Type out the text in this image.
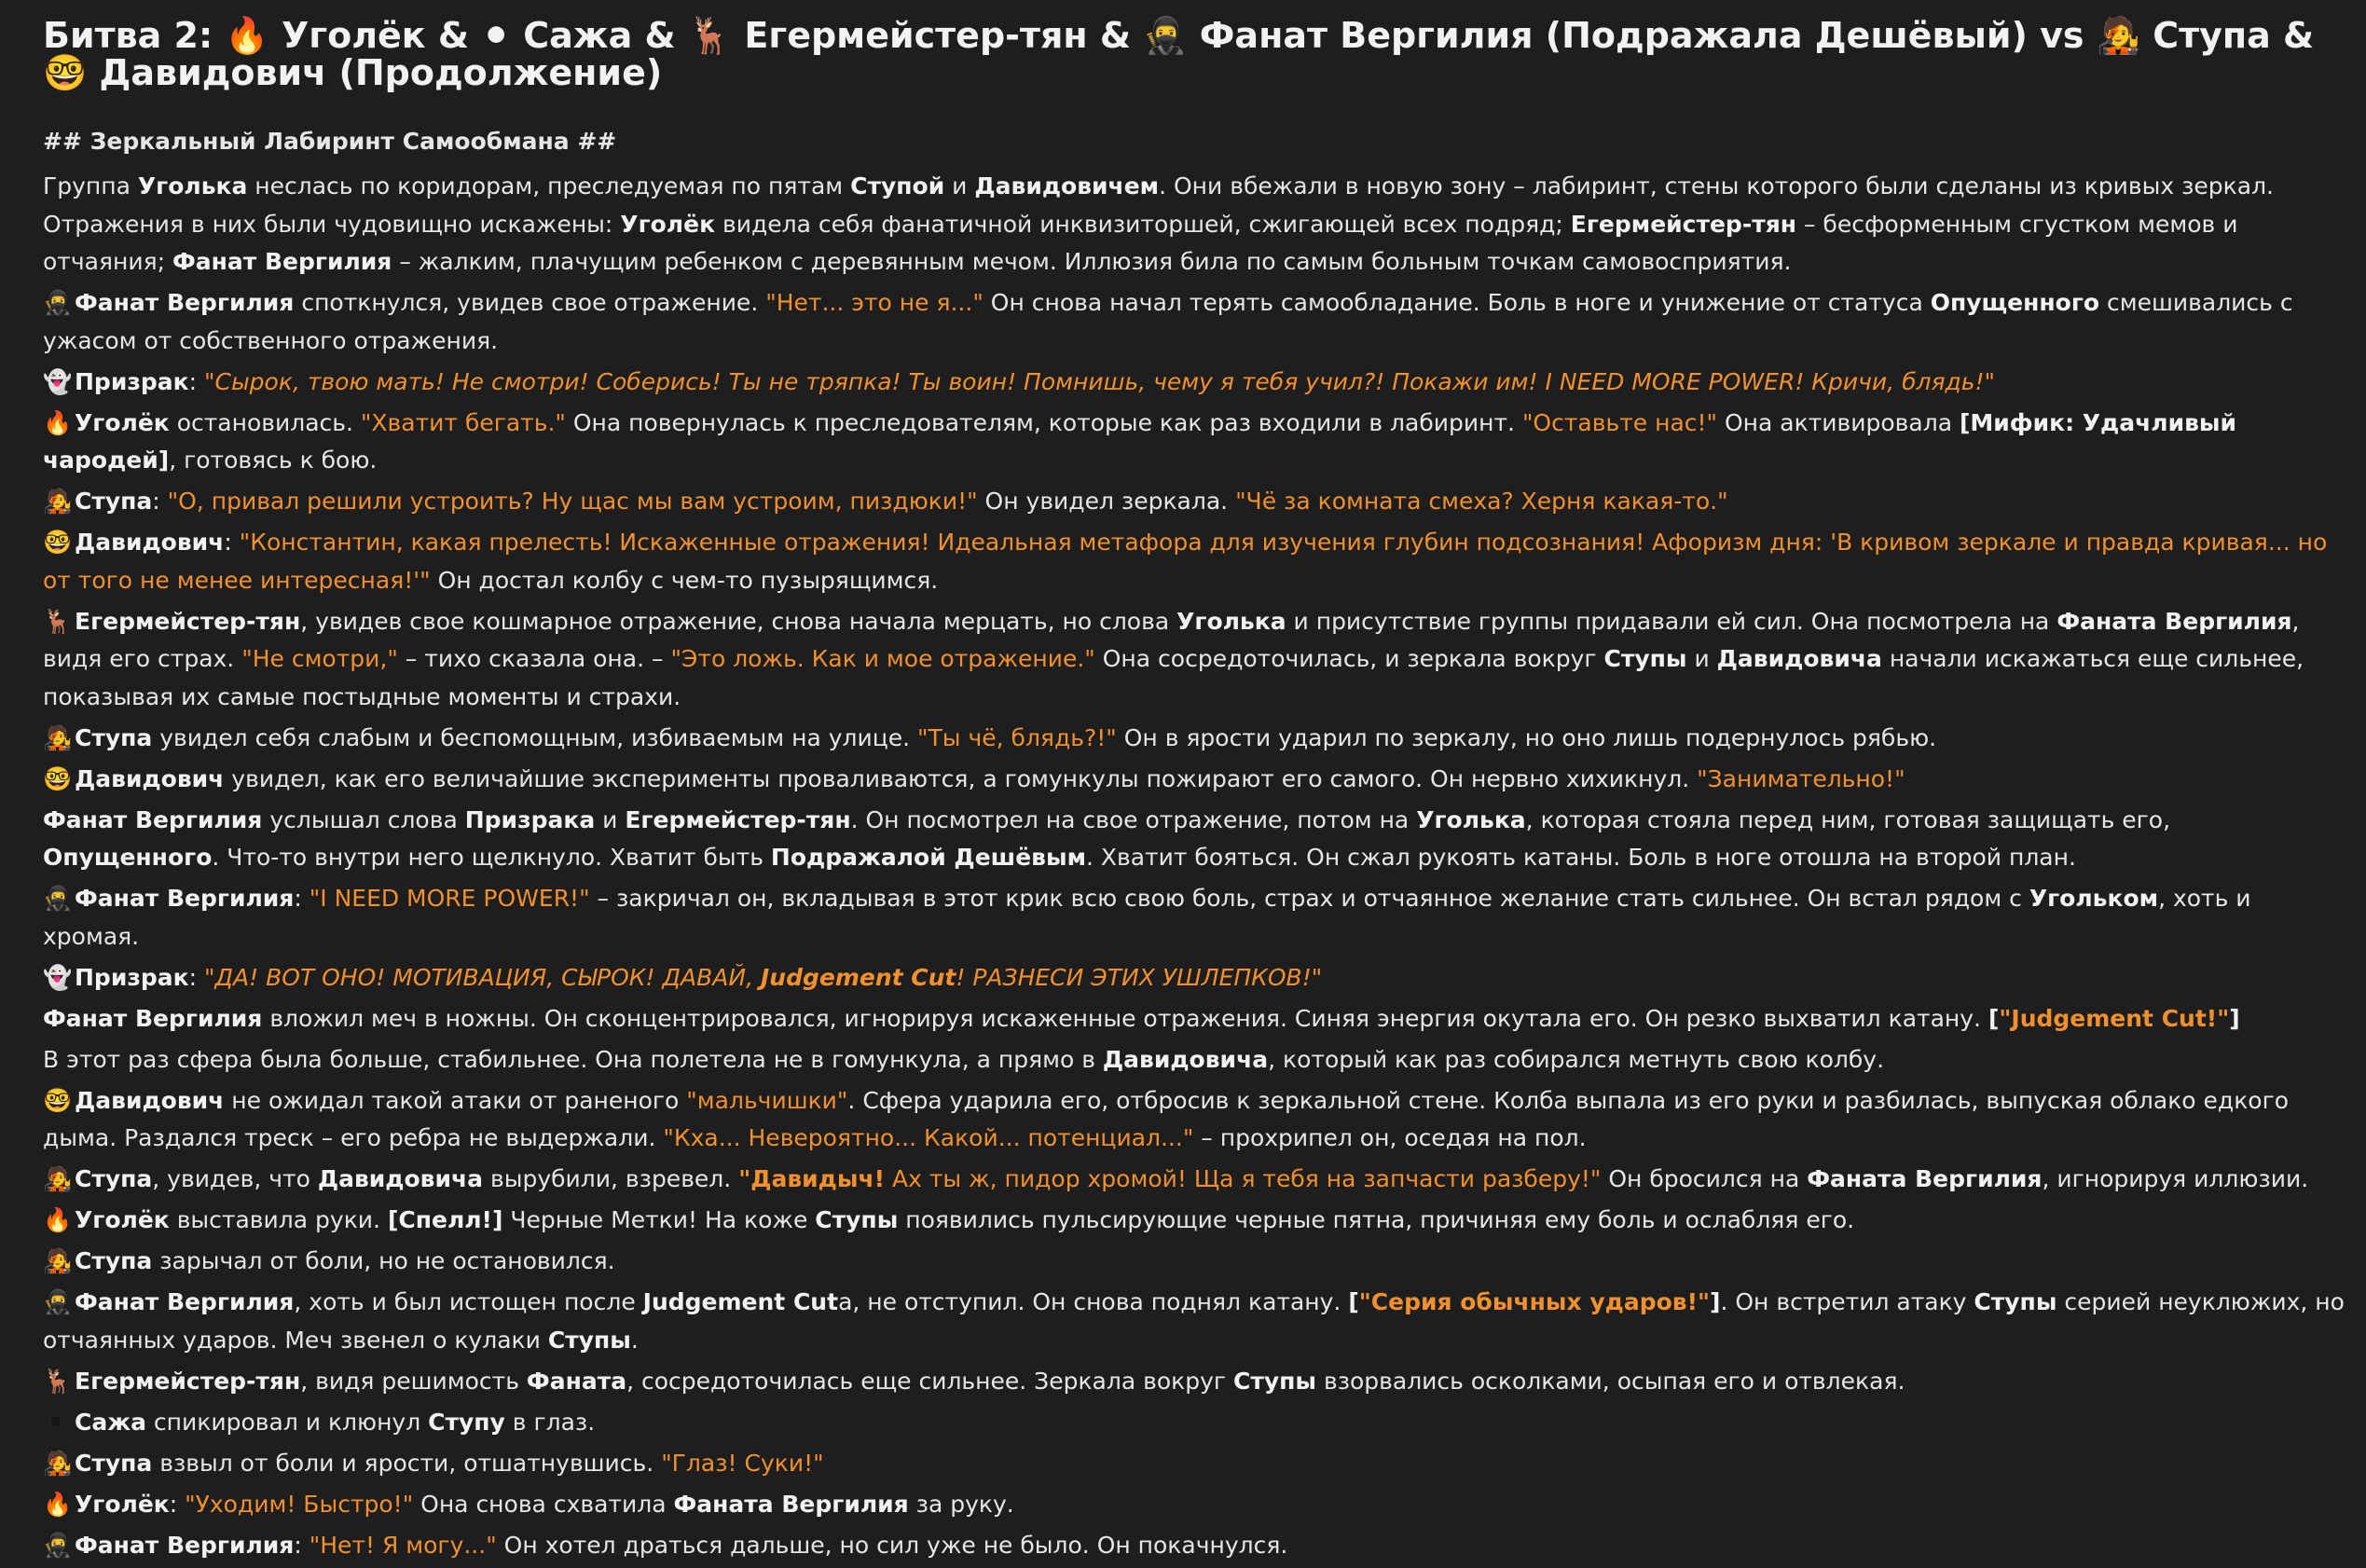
Битва 2: 🔥 Уголёк & ⚫ Сажа & 🦌 Егермейстер-тян & 🥷 Фанат Вергилия (Подражала Дешёвый) vs 🧑‍🎤 Ступа & 🤓 Давидович (Продолжение)
## Зеркальный Лабиринт Самообмана ##
Группа Уголька неслась по коридорам, преследуемая по пятам Ступой и Давидовичем. Они вбежали в новую зону – лабиринт, стены которого были сделаны из кривых зеркал. Отражения в них были чудовищно искажены: Уголёк видела себя фанатичной инквизиторшей, сжигающей всех подряд; Егермейстер-тян – бесформенным сгустком мемов и отчаяния; Фанат Вергилия – жалким, плачущим ребенком с деревянным мечом. Иллюзия била по самым больным точкам самовосприятия.
🥷 Фанат Вергилия споткнулся, увидев свое отражение. "Нет... это не я..." Он снова начал терять самообладание. Боль в ноге и унижение от статуса Опущенного смешивались с ужасом от собственного отражения.
👻 Призрак: "Сырок, твою мать! Не смотри! Соберись! Ты не тряпка! Ты воин! Помнишь, чему я тебя учил?! Покажи им! I NEED MORE POWER! Кричи, блядь!"
🔥 Уголёк остановилась. "Хватит бегать." Она повернулась к преследователям, которые как раз входили в лабиринт. "Оставьте нас!" Она активировала [Мифик: Удачливый чародей], готовясь к бою.
🧑‍🎤 Ступа: "О, привал решили устроить? Ну щас мы вам устроим, пиздюки!" Он увидел зеркала. "Чё за комната смеха? Херня какая-то."
🤓 Давидович: "Константин, какая прелесть! Искаженные отражения! Идеальная метафора для изучения глубин подсознания! Афоризм дня: 'В кривом зеркале и правда кривая... но от того не менее интересная!'" Он достал колбу с чем-то пузырящимся.
🦌 Егермейстер-тян, увидев свое кошмарное отражение, снова начала мерцать, но слова Уголька и присутствие группы придавали ей сил. Она посмотрела на Фаната Вергилия, видя его страх. "Не смотри," – тихо сказала она. – "Это ложь. Как и мое отражение." Она сосредоточилась, и зеркала вокруг Ступы и Давидовича начали искажаться еще сильнее, показывая их самые постыдные моменты и страхи.
🧑‍🎤 Ступа увидел себя слабым и беспомощным, избиваемым на улице. "Ты чё, блядь?!" Он в ярости ударил по зеркалу, но оно лишь подернулось рябью.
🤓 Давидович увидел, как его величайшие эксперименты проваливаются, а гомункулы пожирают его самого. Он нервно хихикнул. "Занимательно!"
Фанат Вергилия услышал слова Призрака и Егермейстер-тян. Он посмотрел на свое отражение, потом на Уголька, которая стояла перед ним, готовая защищать его, Опущенного. Что-то внутри него щелкнуло. Хватит быть Подражалой Дешёвым. Хватит бояться. Он сжал рукоять катаны. Боль в ноге отошла на второй план.
🥷 Фанат Вергилия: "I NEED MORE POWER!" – закричал он, вкладывая в этот крик всю свою боль, страх и отчаянное желание стать сильнее. Он встал рядом с Угольком, хоть и хромая.
👻 Призрак: "ДА! ВОТ ОНО! МОТИВАЦИЯ, СЫРОК! ДАВАЙ, Judgement Cut! РАЗНЕСИ ЭТИХ УШЛЕПКОВ!"
Фанат Вергилия вложил меч в ножны. Он сконцентрировался, игнорируя искаженные отражения. Синяя энергия окутала его. Он резко выхватил катану. ["Judgement Cut!"]
В этот раз сфера была больше, стабильнее. Она полетела не в гомункула, а прямо в Давидовича, который как раз собирался метнуть свою колбу.
🤓 Давидович не ожидал такой атаки от раненого "мальчишки". Сфера ударила его, отбросив к зеркальной стене. Колба выпала из его руки и разбилась, выпуская облако едкого дыма. Раздался треск – его ребра не выдержали. "Кха... Невероятно... Какой... потенциал..." – прохрипел он, оседая на пол.
🧑‍🎤 Ступа, увидев, что Давидовича вырубили, взревел. "Давидыч! Ах ты ж, пидор хромой! Ща я тебя на запчасти разберу!" Он бросился на Фаната Вергилия, игнорируя иллюзии.
🔥 Уголёк выставила руки. [Спелл!] Черные Метки! На коже Ступы появились пульсирующие черные пятна, причиняя ему боль и ослабляя его.
🧑‍🎤 Ступа зарычал от боли, но не остановился.
🥷 Фанат Вергилия, хоть и был истощен после Judgement Cutа, не отступил. Он снова поднял катану. ["Серия обычных ударов!"]. Он встретил атаку Ступы серией неуклюжих, но отчаянных ударов. Меч звенел о кулаки Ступы.
🦌 Егермейстер-тян, видя решимость Фаната, сосредоточилась еще сильнее. Зеркала вокруг Ступы взорвались осколками, осыпая его и отвлекая.
⚫ Сажа спикировал и клюнул Ступу в глаз.
🧑‍🎤 Ступа взвыл от боли и ярости, отшатнувшись. "Глаз! Суки!"
🔥 Уголёк: "Уходим! Быстро!" Она снова схватила Фаната Вергилия за руку.
🥷 Фанат Вергилия: "Нет! Я могу..." Он хотел драться дальше, но сил уже не было. Он покачнулся.
